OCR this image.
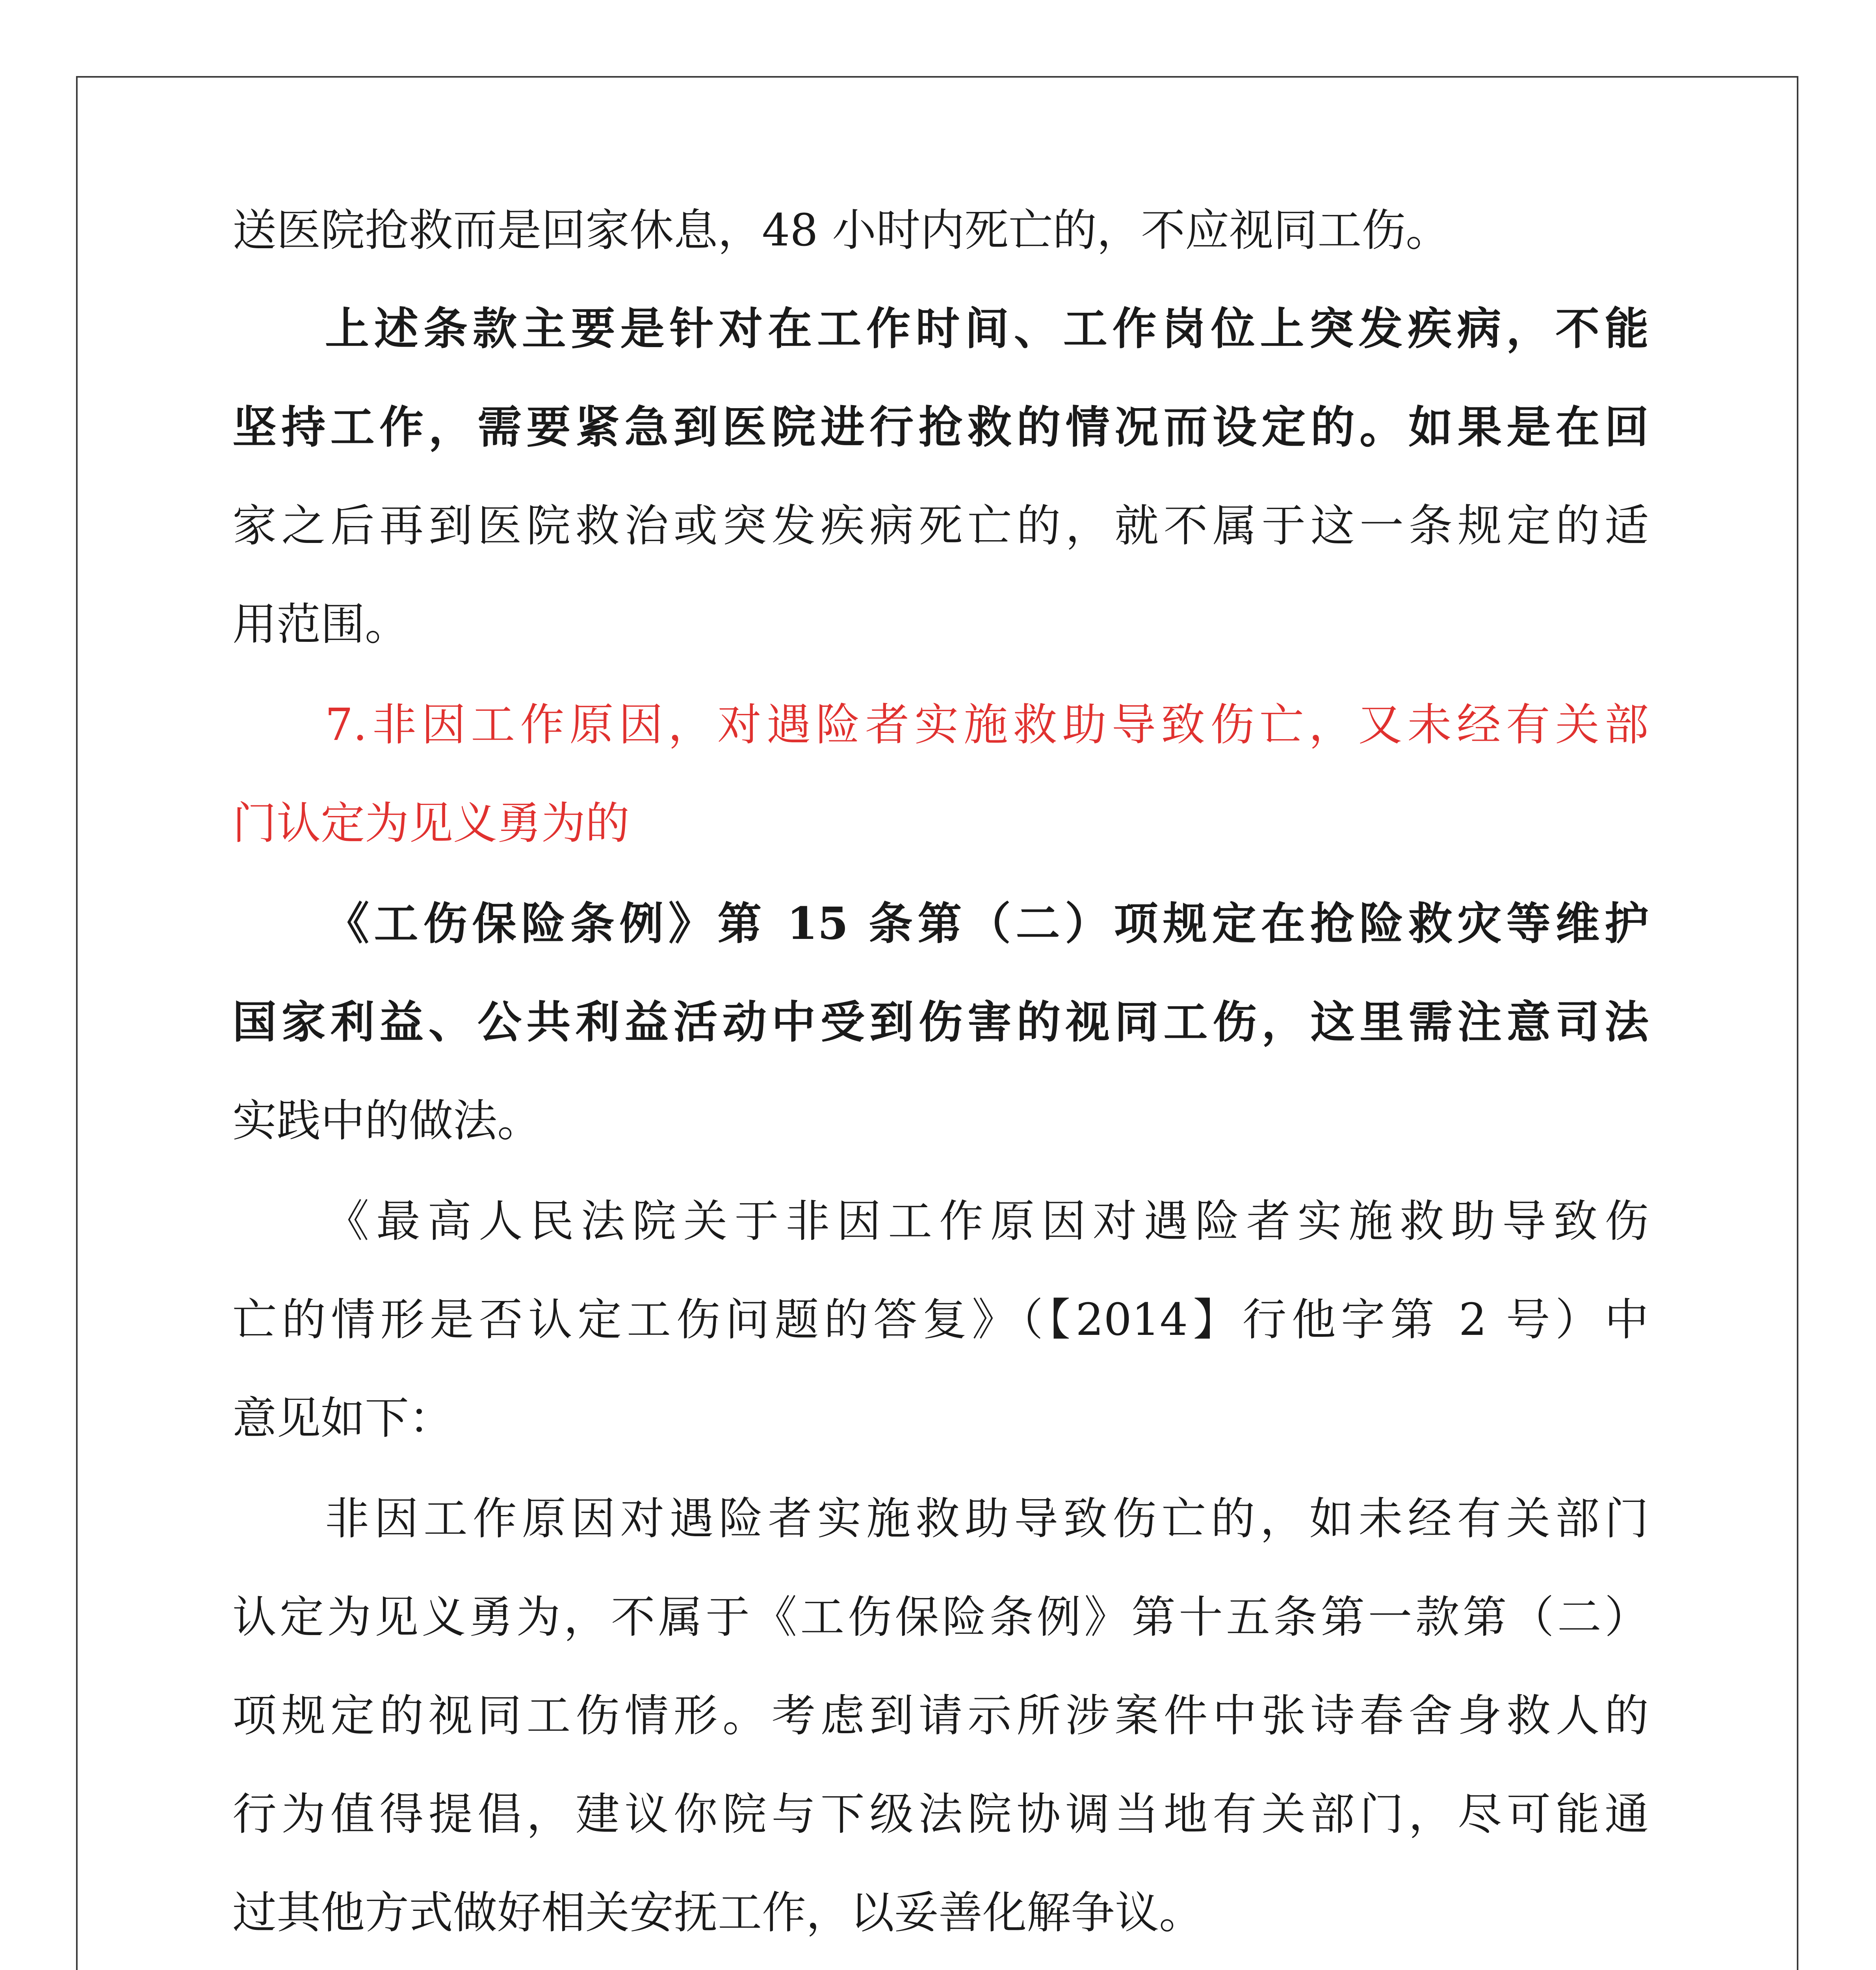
送医院抢救而是回家休息，48 小时内死亡的，不应视同工伤。
上述条款主要是针对在工作时间、工作岗位上突发疾病，不能
坚持工作，需要紧急到医院进行抢救的情况而设定的。如果是在回
家之后再到医院救治或突发疾病死亡的，就不属于这一条规定的适
用范围。
7.非因工作原因，对遇险者实施救助导致伤亡，又未经有关部
门认定为见义勇为的
《工伤保险条例》第 15 条第（二）项规定在抢险救灾等维护
国家利益、公共利益活动中受到伤害的视同工伤，这里需注意司法
实践中的做法。
《最高人民法院关于非因工作原因对遇险者实施救助导致伤
亡的情形是否认定工伤问题的答复》（【2014】行他字第 2 号）中
意见如下：
非因工作原因对遇险者实施救助导致伤亡的，如未经有关部门
认定为见义勇为，不属于《工伤保险条例》第十五条第一款第（二）
项规定的视同工伤情形。考虑到请示所涉案件中张诗春舍身救人的
行为值得提倡，建议你院与下级法院协调当地有关部门，尽可能通
过其他方式做好相关安抚工作，以妥善化解争议。
